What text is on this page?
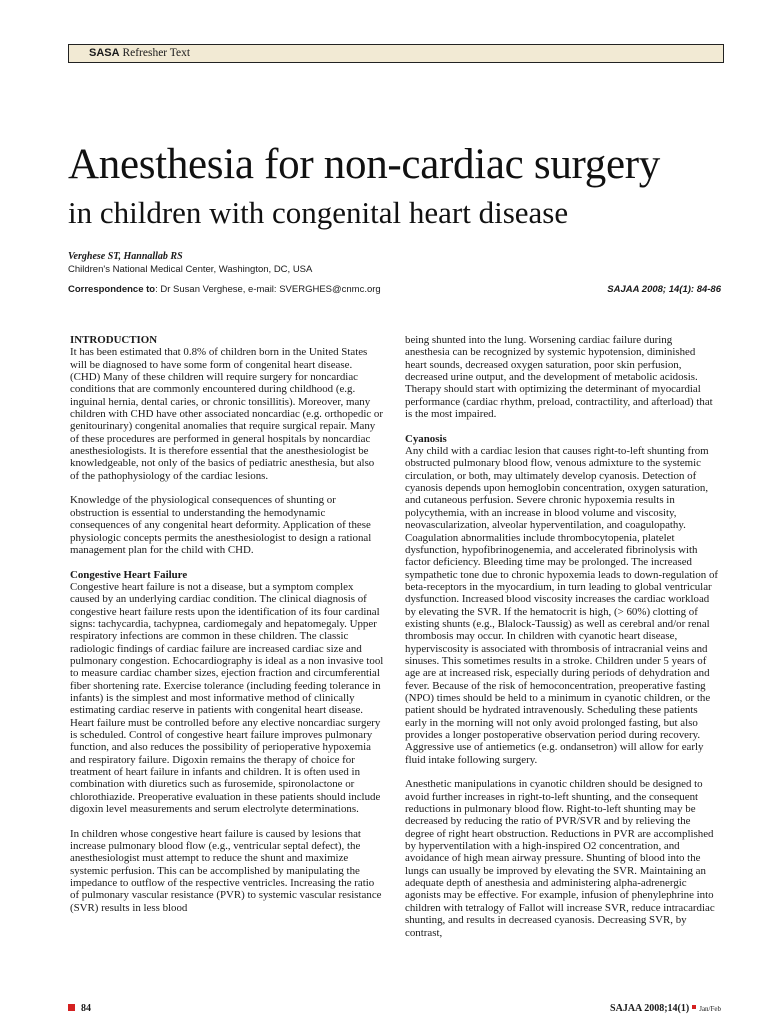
SASA Refresher Text
Anesthesia for non-cardiac surgery
in children with congenital heart disease
Verghese ST, Hannallab RS
Children's National Medical Center, Washington, DC, USA
Correspondence to: Dr Susan Verghese, e-mail: SVERGHES@cnmc.org	SAJAA 2008; 14(1): 84-86
INTRODUCTION

It has been estimated that 0.8% of children born in the United States will be diagnosed to have some form of congenital heart disease. (CHD) Many of these children will require surgery for noncardiac conditions that are commonly encountered during childhood (e.g. inguinal hernia, dental caries, or chronic tonsillitis). Moreover, many children with CHD have other associated noncardiac (e.g. orthopedic or genitourinary) congenital anomalies that require surgical repair. Many of these procedures are performed in general hospitals by noncardiac anesthesiologists. It is therefore essential that the anesthesiologist be knowledgeable, not only of the basics of pediatric anesthesia, but also of the pathophysiology of the cardiac lesions.

Knowledge of the physiological consequences of shunting or obstruction is essential to understanding the hemodynamic consequences of any congenital heart deformity. Application of these physiologic concepts permits the anesthesiologist to design a rational management plan for the child with CHD.

Congestive Heart Failure

Congestive heart failure is not a disease, but a symptom complex caused by an underlying cardiac condition. The clinical diagnosis of congestive heart failure rests upon the identification of its four cardinal signs: tachycardia, tachypnea, cardiomegaly and hepatomegaly. Upper respiratory infections are common in these children. The classic radiologic findings of cardiac failure are increased cardiac size and pulmonary congestion. Echocardiography is ideal as a non invasive tool to measure cardiac chamber sizes, ejection fraction and circumferential fiber shortening rate. Exercise tolerance (including feeding tolerance in infants) is the simplest and most informative method of clinically estimating cardiac reserve in patients with congenital heart disease. Heart failure must be controlled before any elective noncardiac surgery is scheduled. Control of congestive heart failure improves pulmonary function, and also reduces the possibility of perioperative hypoxemia and respiratory failure. Digoxin remains the therapy of choice for treatment of heart failure in infants and children. It is often used in combination with diuretics such as furosemide, spironolactone or chlorothiazide. Preoperative evaluation in these patients should include digoxin level measurements and serum electrolyte determinations.

In children whose congestive heart failure is caused by lesions that increase pulmonary blood flow (e.g., ventricular septal defect), the anesthesiologist must attempt to reduce the shunt and maximize systemic perfusion. This can be accomplished by manipulating the impedance to outflow of the respective ventricles. Increasing the ratio of pulmonary vascular resistance (PVR) to systemic vascular resistance (SVR) results in less blood

being shunted into the lung. Worsening cardiac failure during anesthesia can be recognized by systemic hypotension, diminished heart sounds, decreased oxygen saturation, poor skin perfusion, decreased urine output, and the development of metabolic acidosis. Therapy should start with optimizing the determinant of myocardial performance (cardiac rhythm, preload, contractility, and afterload) that is the most impaired.

Cyanosis

Any child with a cardiac lesion that causes right-to-left shunting from obstructed pulmonary blood flow, venous admixture to the systemic circulation, or both, may ultimately develop cyanosis. Detection of cyanosis depends upon hemoglobin concentration, oxygen saturation, and cutaneous perfusion. Severe chronic hypoxemia results in polycythemia, with an increase in blood volume and viscosity, neovascularization, alveolar hyperventilation, and coagulopathy. Coagulation abnormalities include thrombocytopenia, platelet dysfunction, hypofibrinogenemia, and accelerated fibrinolysis with factor deficiency. Bleeding time may be prolonged. The increased sympathetic tone due to chronic hypoxemia leads to down-regulation of beta-receptors in the myocardium, in turn leading to global ventricular dysfunction. Increased blood viscosity increases the cardiac workload by elevating the SVR. If the hematocrit is high, (> 60%) clotting of existing shunts (e.g., Blalock-Taussig) as well as cerebral and/or renal thrombosis may occur. In children with cyanotic heart disease, hyperviscosity is associated with thrombosis of intracranial veins and sinuses. This sometimes results in a stroke. Children under 5 years of age are at increased risk, especially during periods of dehydration and fever. Because of the risk of hemoconcentration, preoperative fasting (NPO) times should be held to a minimum in cyanotic children, or the patient should be hydrated intravenously. Scheduling these patients early in the morning will not only avoid prolonged fasting, but also provides a longer postoperative observation period during recovery. Aggressive use of antiemetics (e.g. ondansetron) will allow for early fluid intake following surgery.

Anesthetic manipulations in cyanotic children should be designed to avoid further increases in right-to-left shunting, and the consequent reductions in pulmonary blood flow. Right-to-left shunting may be decreased by reducing the ratio of PVR/SVR and by relieving the degree of right heart obstruction. Reductions in PVR are accomplished by hyperventilation with a high-inspired O2 concentration, and avoidance of high mean airway pressure. Shunting of blood into the lungs can usually be improved by elevating the SVR. Maintaining an adequate depth of anesthesia and administering alpha-adrenergic agonists may be effective. For example, infusion of phenylephrine into children with tetralogy of Fallot will increase SVR, reduce intracardiac shunting, and results in decreased cyanosis. Decreasing SVR, by contrast,

84	SAJAA 2008;14(1) Jan/Feb
